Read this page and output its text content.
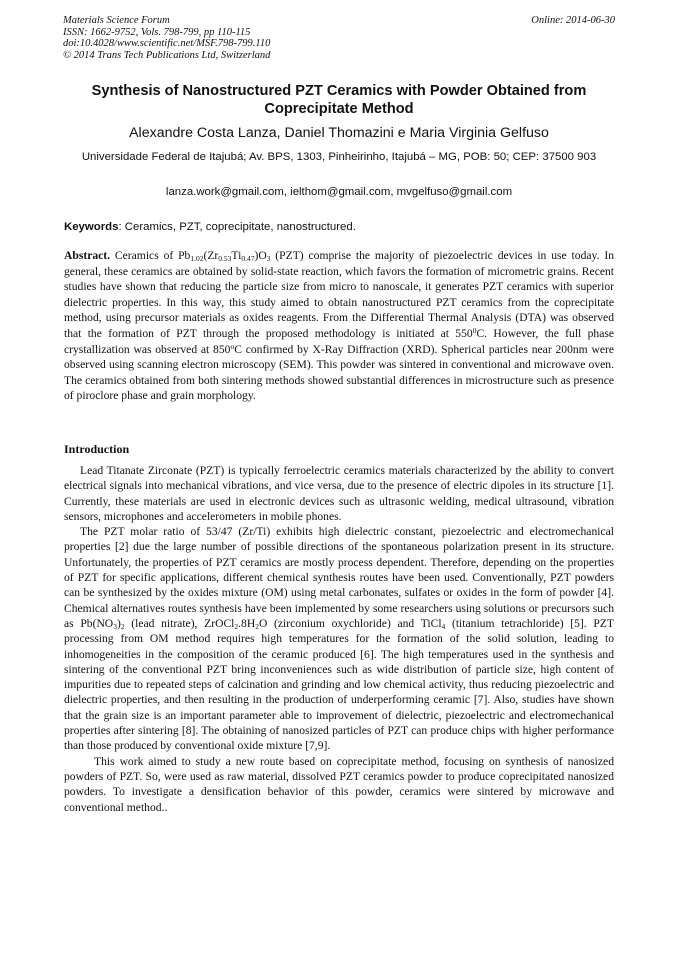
Materials Science Forum
ISSN: 1662-9752, Vols. 798-799, pp 110-115
doi:10.4028/www.scientific.net/MSF.798-799.110
© 2014 Trans Tech Publications Ltd, Switzerland
Online: 2014-06-30
Synthesis of Nanostructured PZT Ceramics with Powder Obtained from Coprecipitate Method
Alexandre Costa Lanza, Daniel Thomazini e Maria Virginia Gelfuso
Universidade Federal de Itajubá; Av. BPS, 1303, Pinheirinho, Itajubá – MG, POB: 50; CEP: 37500 903
lanza.work@gmail.com, ielthom@gmail.com, mvgelfuso@gmail.com
Keywords: Ceramics, PZT, coprecipitate, nanostructured.
Abstract. Ceramics of $Pb_{1.02}(Zr_{0.53}Ti_{0.47})O_3$ (PZT) comprise the majority of piezoelectric devices in use today. In general, these ceramics are obtained by solid-state reaction, which favors the formation of micrometric grains. Recent studies have shown that reducing the particle size from micro to nanoscale, it generates PZT ceramics with superior dielectric properties. In this way, this study aimed to obtain nanostructured PZT ceramics from the coprecipitate method, using precursor materials as oxides reagents. From the Differential Thermal Analysis (DTA) was observed that the formation of PZT through the proposed methodology is initiated at $550^0C$. However, the full phase crystallization was observed at 850$^o$C confirmed by X-Ray Diffraction (XRD). Spherical particles near 200nm were observed using scanning electron microscopy (SEM). This powder was sintered in conventional and microwave oven. The ceramics obtained from both sintering methods showed substantial differences in microstructure such as presence of piroclore phase and grain morphology.
Introduction

Lead Titanate Zirconate (PZT) is typically ferroelectric ceramics materials characterized by the ability to convert electrical signals into mechanical vibrations, and vice versa, due to the presence of electric dipoles in its structure [1]. Currently, these materials are used in electronic devices such as ultrasonic welding, medical ultrasound, vibration sensors, microphones and accelerometers in mobile phones.

The PZT molar ratio of 53/47 (Zr/Ti) exhibits high dielectric constant, piezoelectric and electromechanical properties [2] due the large number of possible directions of the spontaneous polarization present in its structure. Unfortunately, the properties of PZT ceramics are mostly process dependent. Therefore, depending on the properties of PZT for specific applications, different chemical synthesis routes have been used. Conventionally, PZT powders can be synthesized by the oxides mixture (OM) using metal carbonates, sulfates or oxides in the form of powder [4]. Chemical alternatives routes synthesis have been implemented by some researchers using solutions or precursors such as $Pb(NO_3)_2$ (lead nitrate), $ZrOCl_2.8H_2O$ (zirconium oxychloride) and TiCl$_4$ (titanium tetrachloride) [5]. PZT processing from OM method requires high temperatures for the formation of the solid solution, leading to inhomogeneities in the composition of the ceramic produced [6]. The high temperatures used in the synthesis and sintering of the conventional PZT bring inconveniences such as wide distribution of particle size, high content of impurities due to repeated steps of calcination and grinding and low chemical activity, thus reducing piezoelectric and dielectric properties, and then resulting in the production of underperforming ceramic [7]. Also, studies have shown that the grain size is an important parameter able to improvement of dielectric, piezoelectric and electromechanical properties after sintering [8]. The obtaining of nanosized particles of PZT can produce chips with higher performance than those produced by conventional oxide mixture [7,9].

This work aimed to study a new route based on coprecipitate method, focusing on synthesis of nanosized powders of PZT. So, were used as raw material, dissolved PZT ceramics powder to produce coprecipitated nanosized powders. To investigate a densification behavior of this powder, ceramics were sintered by microwave and conventional method..
